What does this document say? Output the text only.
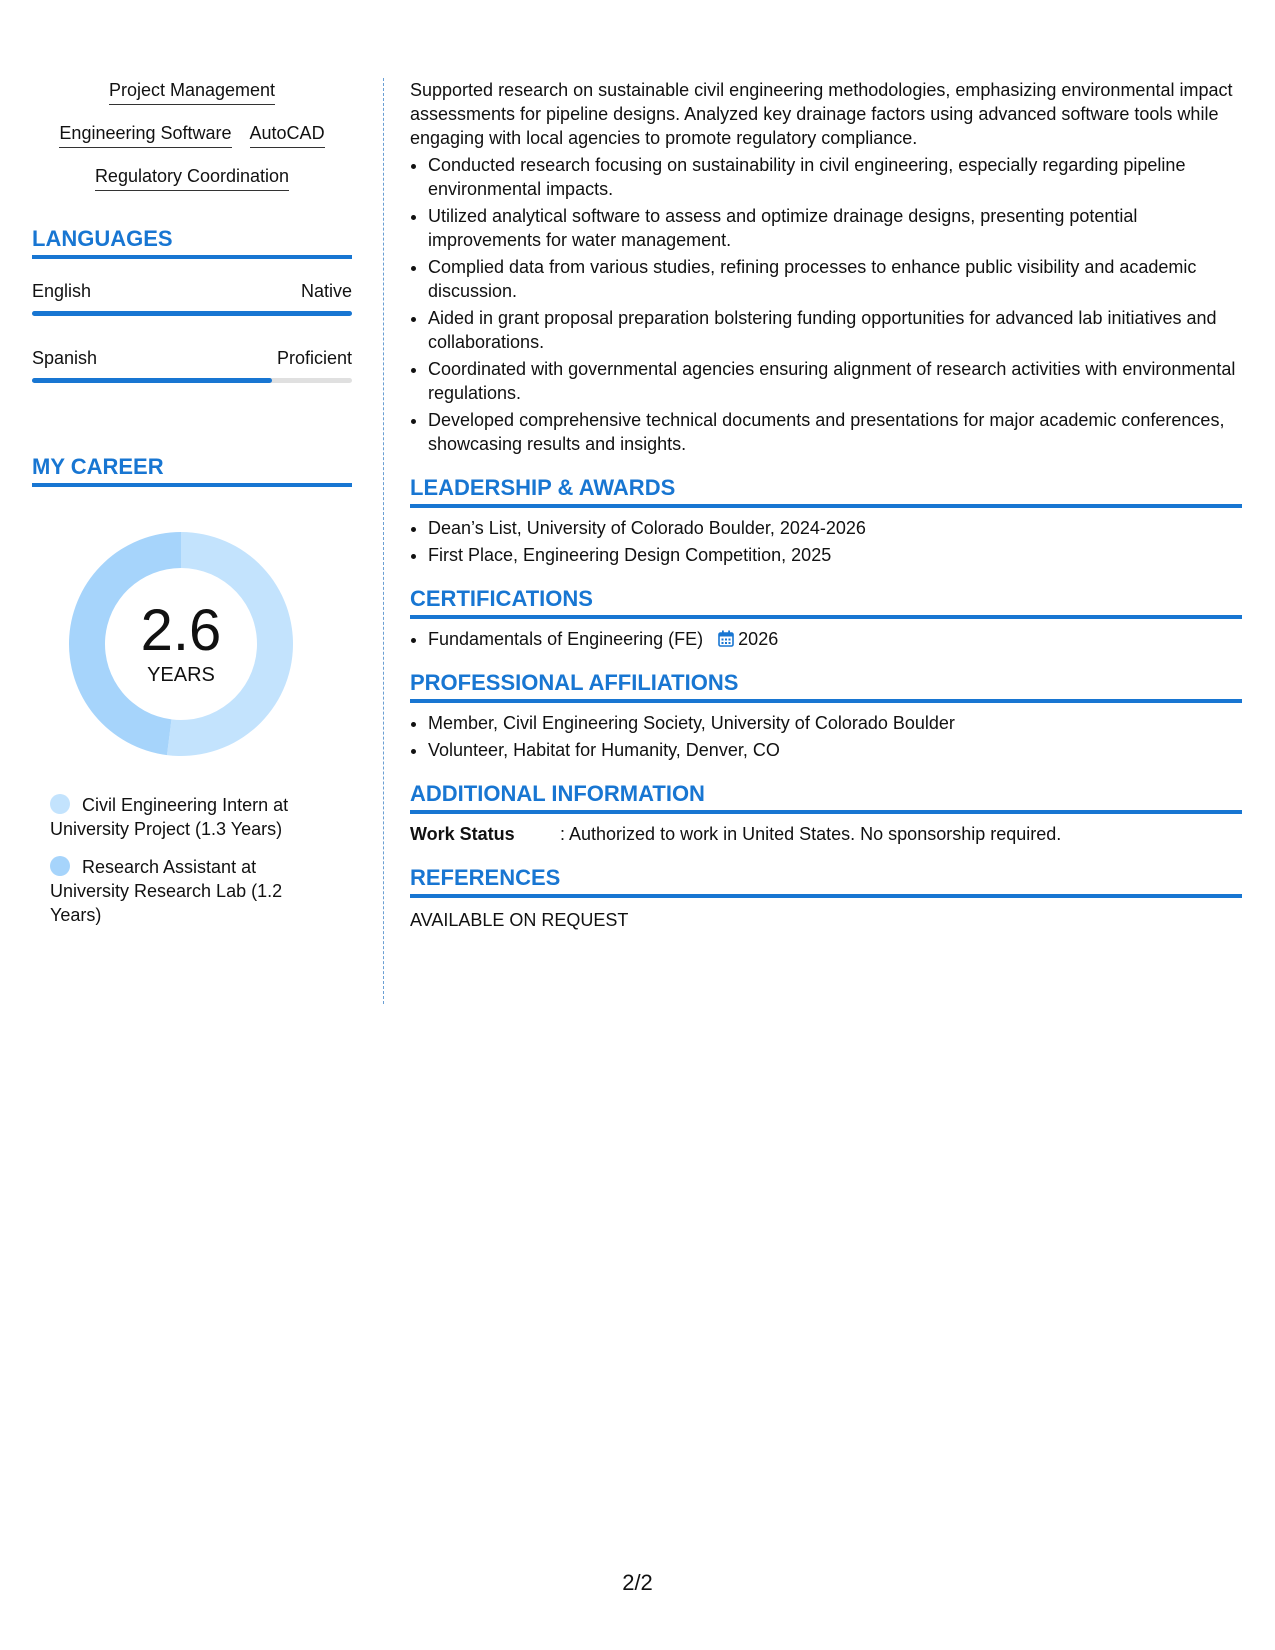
Project Management
Engineering Software AutoCAD
Regulatory Coordination
LANGUAGES
English	Native
Spanish	Proficient
MY CAREER
2.6
YEARS
Civil Engineering Intern at University Project (1.3 Years)
Research Assistant at University Research Lab (1.2 Years)

Supported research on sustainable civil engineering methodologies, emphasizing environmental impact assessments for pipeline designs. Analyzed key drainage factors using advanced software tools while engaging with local agencies to promote regulatory compliance.

• Conducted research focusing on sustainability in civil engineering, especially regarding pipeline environmental impacts.
• Utilized analytical software to assess and optimize drainage designs, presenting potential improvements for water management.
• Complied data from various studies, refining processes to enhance public visibility and academic discussion.
• Aided in grant proposal preparation bolstering funding opportunities for advanced lab initiatives and collaborations.
• Coordinated with governmental agencies ensuring alignment of research activities with environmental regulations.
• Developed comprehensive technical documents and presentations for major academic conferences, showcasing results and insights.
LEADERSHIP & AWARDS
• Dean’s List, University of Colorado Boulder, 2024-2026
• First Place, Engineering Design Competition, 2025
CERTIFICATIONS
• Fundamentals of Engineering (FE) 2026
PROFESSIONAL AFFILIATIONS
• Member, Civil Engineering Society, University of Colorado Boulder
• Volunteer, Habitat for Humanity, Denver, CO
ADDITIONAL INFORMATION
Work Status	: Authorized to work in United States. No sponsorship required.
REFERENCES
AVAILABLE ON REQUEST
2/2
